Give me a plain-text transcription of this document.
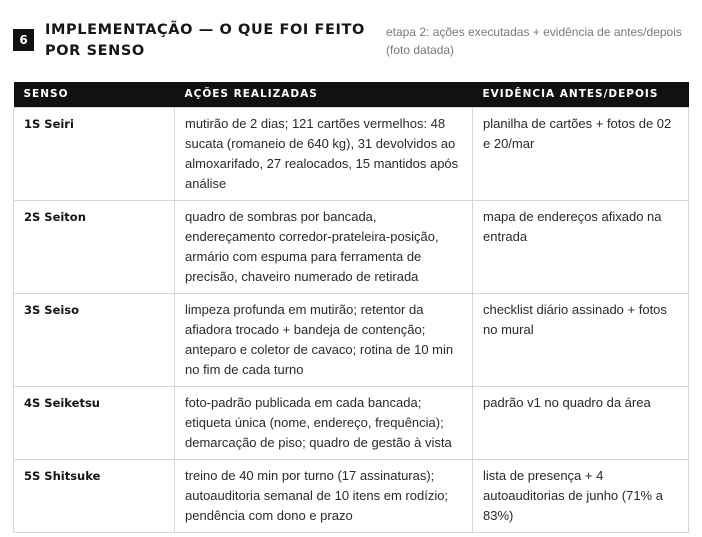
6
IMPLEMENTAÇÃO — O QUE FOI FEITO POR SENSO
etapa 2: ações executadas + evidência de antes/depois (foto datada)
SENSO	AÇÕES REALIZADAS	EVIDÊNCIA ANTES/DEPOIS
1S Seiri	mutirão de 2 dias; 121 cartões vermelhos: 48 sucata (romaneio de 640 kg), 31 devolvidos ao almoxarifado, 27 realocados, 15 mantidos após análise	planilha de cartões + fotos de 02 e 20/mar
2S Seiton	quadro de sombras por bancada, endereçamento corredor-prateleira-posição, armário com espuma para ferramenta de precisão, chaveiro numerado de retirada	mapa de endereços afixado na entrada
3S Seiso	limpeza profunda em mutirão; retentor da afiadora trocado + bandeja de contenção; anteparo e coletor de cavaco; rotina de 10 min no fim de cada turno	checklist diário assinado + fotos no mural
4S Seiketsu	foto-padrão publicada em cada bancada; etiqueta única (nome, endereço, frequência); demarcação de piso; quadro de gestão à vista	padrão v1 no quadro da área
5S Shitsuke	treino de 40 min por turno (17 assinaturas); autoauditoria semanal de 10 itens em rodízio; pendência com dono e prazo	lista de presença + 4 autoauditorias de junho (71% a 83%)
